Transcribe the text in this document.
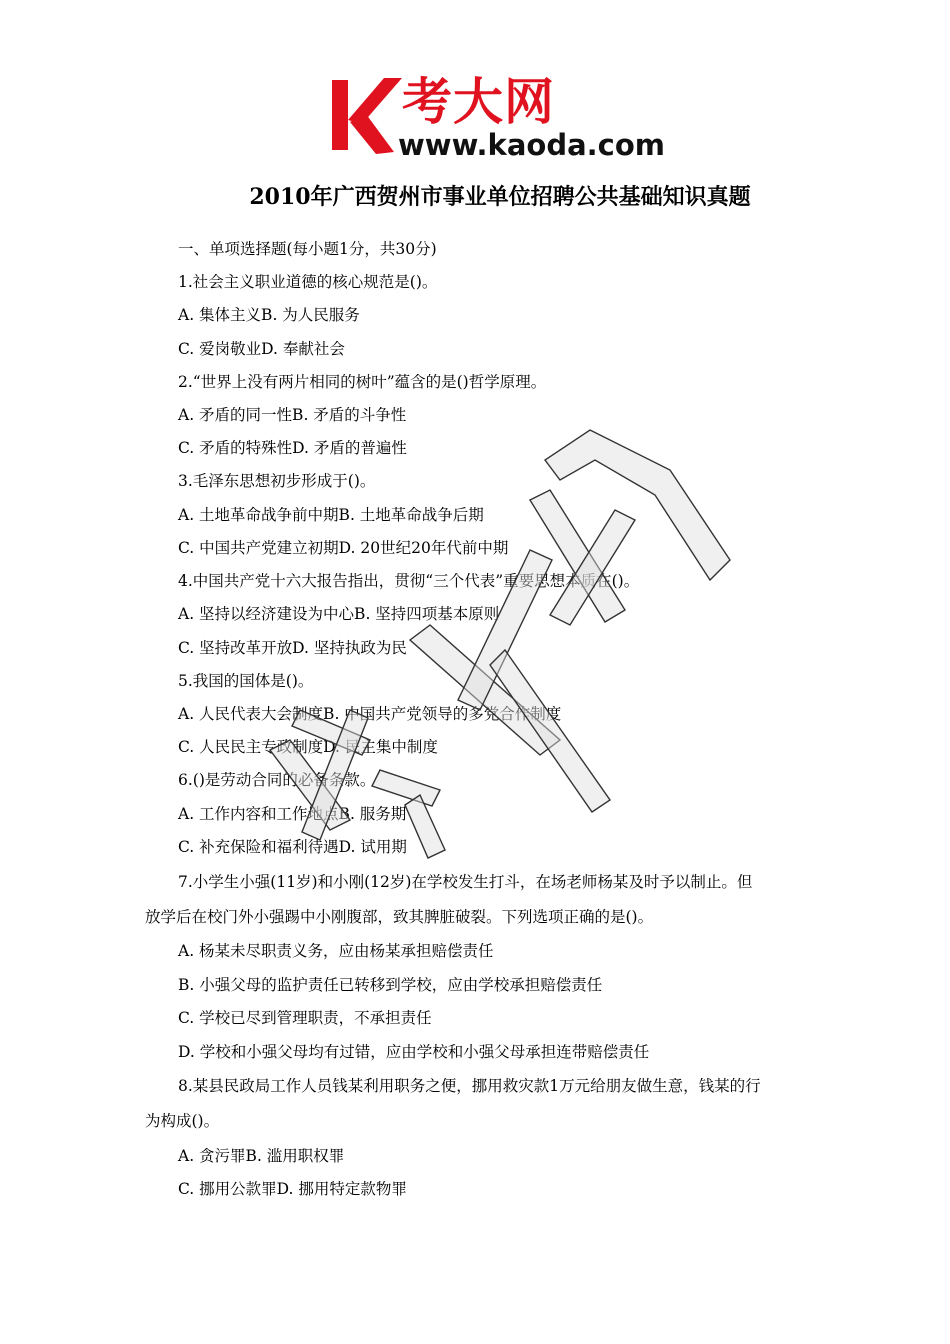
考大网
www.kaoda.com
2010年广西贺州市事业单位招聘公共基础知识真题
一、单项选择题(每小题1分，共30分)
1.社会主义职业道德的核心规范是()。
A. 集体主义B. 为人民服务
C. 爱岗敬业D. 奉献社会
2.“世界上没有两片相同的树叶”蕴含的是()哲学原理。
A. 矛盾的同一性B. 矛盾的斗争性
C. 矛盾的特殊性D. 矛盾的普遍性
3.毛泽东思想初步形成于()。
A. 土地革命战争前中期B. 土地革命战争后期
C. 中国共产党建立初期D. 20世纪20年代前中期
4.中国共产党十六大报告指出，贯彻“三个代表”重要思想本质在()。
A. 坚持以经济建设为中心B. 坚持四项基本原则
C. 坚持改革开放D. 坚持执政为民
5.我国的国体是()。
A. 人民代表大会制度B. 中国共产党领导的多党合作制度
C. 人民民主专政制度D. 民主集中制度
6.()是劳动合同的必备条款。
A. 工作内容和工作地点B. 服务期
C. 补充保险和福利待遇D. 试用期
7.小学生小强(11岁)和小刚(12岁)在学校发生打斗，在场老师杨某及时予以制止。但
放学后在校门外小强踢中小刚腹部，致其脾脏破裂。下列选项正确的是()。
A. 杨某未尽职责义务，应由杨某承担赔偿责任
B. 小强父母的监护责任已转移到学校，应由学校承担赔偿责任
C. 学校已尽到管理职责，不承担责任
D. 学校和小强父母均有过错，应由学校和小强父母承担连带赔偿责任
8.某县民政局工作人员钱某利用职务之便，挪用救灾款1万元给朋友做生意，钱某的行
为构成()。
A. 贪污罪B. 滥用职权罪
C. 挪用公款罪D. 挪用特定款物罪
